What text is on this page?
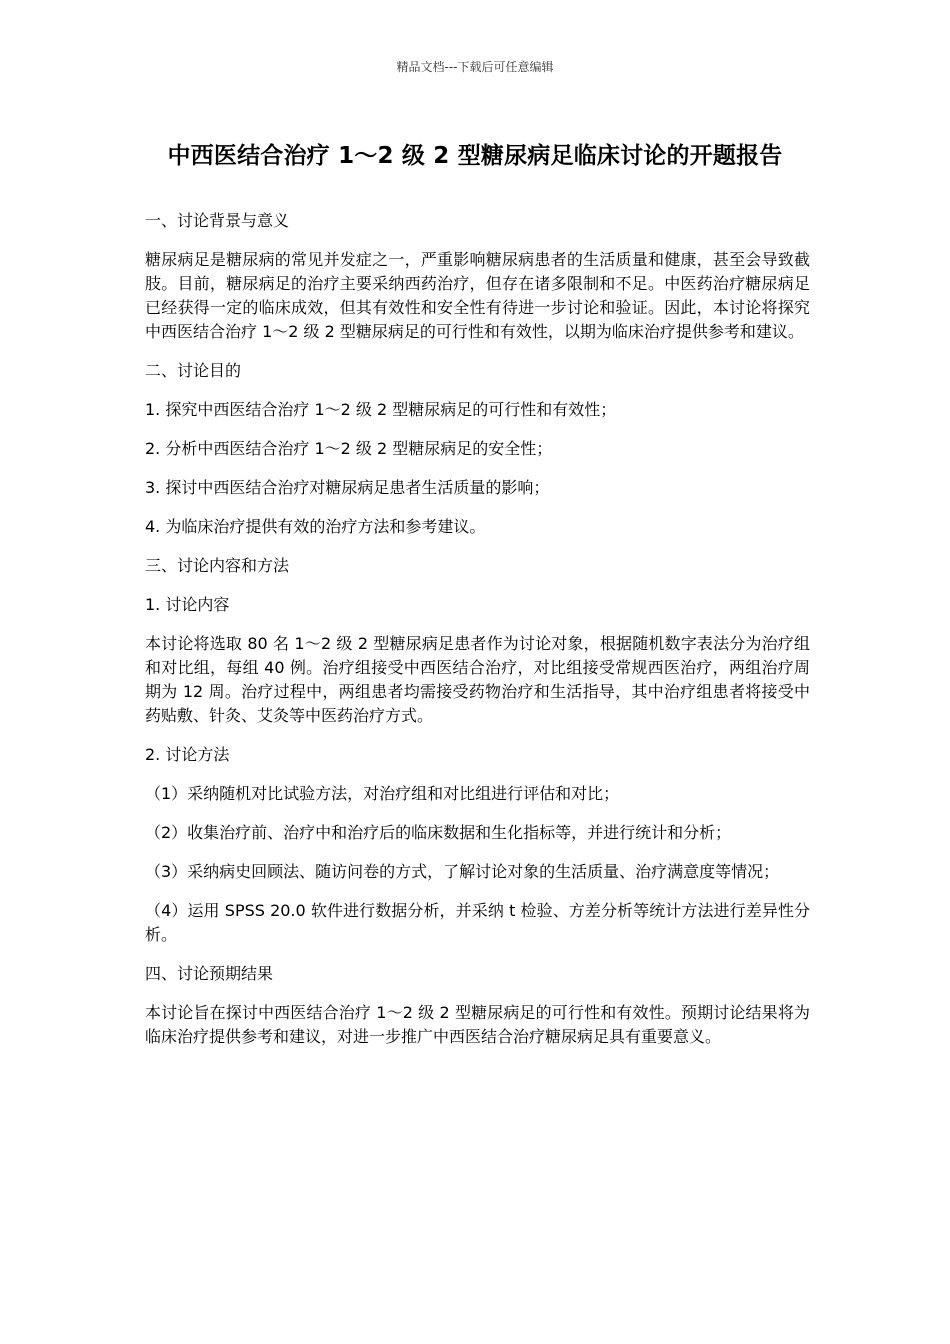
精品文档---下载后可任意编辑
中西医结合治疗 1～2 级 2 型糖尿病足临床讨论的开题报告

一、讨论背景与意义

糖尿病足是糖尿病的常见并发症之一，严重影响糖尿病患者的生活质量和健康，甚至会导致截肢。目前，糖尿病足的治疗主要采纳西药治疗，但存在诸多限制和不足。中医药治疗糖尿病足已经获得一定的临床成效，但其有效性和安全性有待进一步讨论和验证。因此，本讨论将探究中西医结合治疗 1～2 级 2 型糖尿病足的可行性和有效性，以期为临床治疗提供参考和建议。

二、讨论目的

1. 探究中西医结合治疗 1～2 级 2 型糖尿病足的可行性和有效性；

2. 分析中西医结合治疗 1～2 级 2 型糖尿病足的安全性；

3. 探讨中西医结合治疗对糖尿病足患者生活质量的影响；

4. 为临床治疗提供有效的治疗方法和参考建议。

三、讨论内容和方法

1. 讨论内容

本讨论将选取 80 名 1～2 级 2 型糖尿病足患者作为讨论对象，根据随机数字表法分为治疗组和对比组，每组 40 例。治疗组接受中西医结合治疗，对比组接受常规西医治疗，两组治疗周期为 12 周。治疗过程中，两组患者均需接受药物治疗和生活指导，其中治疗组患者将接受中药贴敷、针灸、艾灸等中医药治疗方式。

2. 讨论方法

（1）采纳随机对比试验方法，对治疗组和对比组进行评估和对比；

（2）收集治疗前、治疗中和治疗后的临床数据和生化指标等，并进行统计和分析；

（3）采纳病史回顾法、随访问卷的方式，了解讨论对象的生活质量、治疗满意度等情况；

（4）运用 SPSS 20.0 软件进行数据分析，并采纳 t 检验、方差分析等统计方法进行差异性分析。

四、讨论预期结果

本讨论旨在探讨中西医结合治疗 1～2 级 2 型糖尿病足的可行性和有效性。预期讨论结果将为临床治疗提供参考和建议，对进一步推广中西医结合治疗糖尿病足具有重要意义。
